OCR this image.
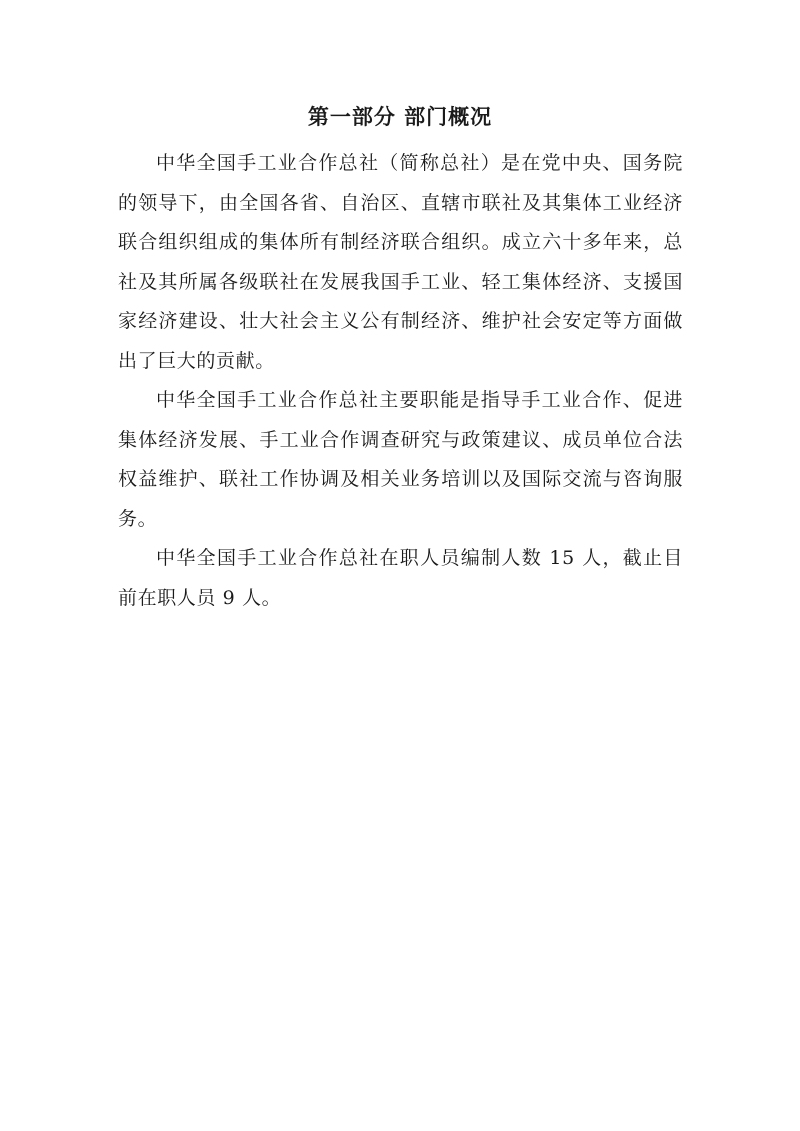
第一部分 部门概况

中华全国手工业合作总社（简称总社）是在党中央、国务院的领导下，由全国各省、自治区、直辖市联社及其集体工业经济联合组织组成的集体所有制经济联合组织。成立六十多年来，总社及其所属各级联社在发展我国手工业、轻工集体经济、支援国家经济建设、壮大社会主义公有制经济、维护社会安定等方面做出了巨大的贡献。

中华全国手工业合作总社主要职能是指导手工业合作、促进集体经济发展、手工业合作调查研究与政策建议、成员单位合法权益维护、联社工作协调及相关业务培训以及国际交流与咨询服务。

中华全国手工业合作总社在职人员编制人数 15 人，截止目前在职人员 9 人。
